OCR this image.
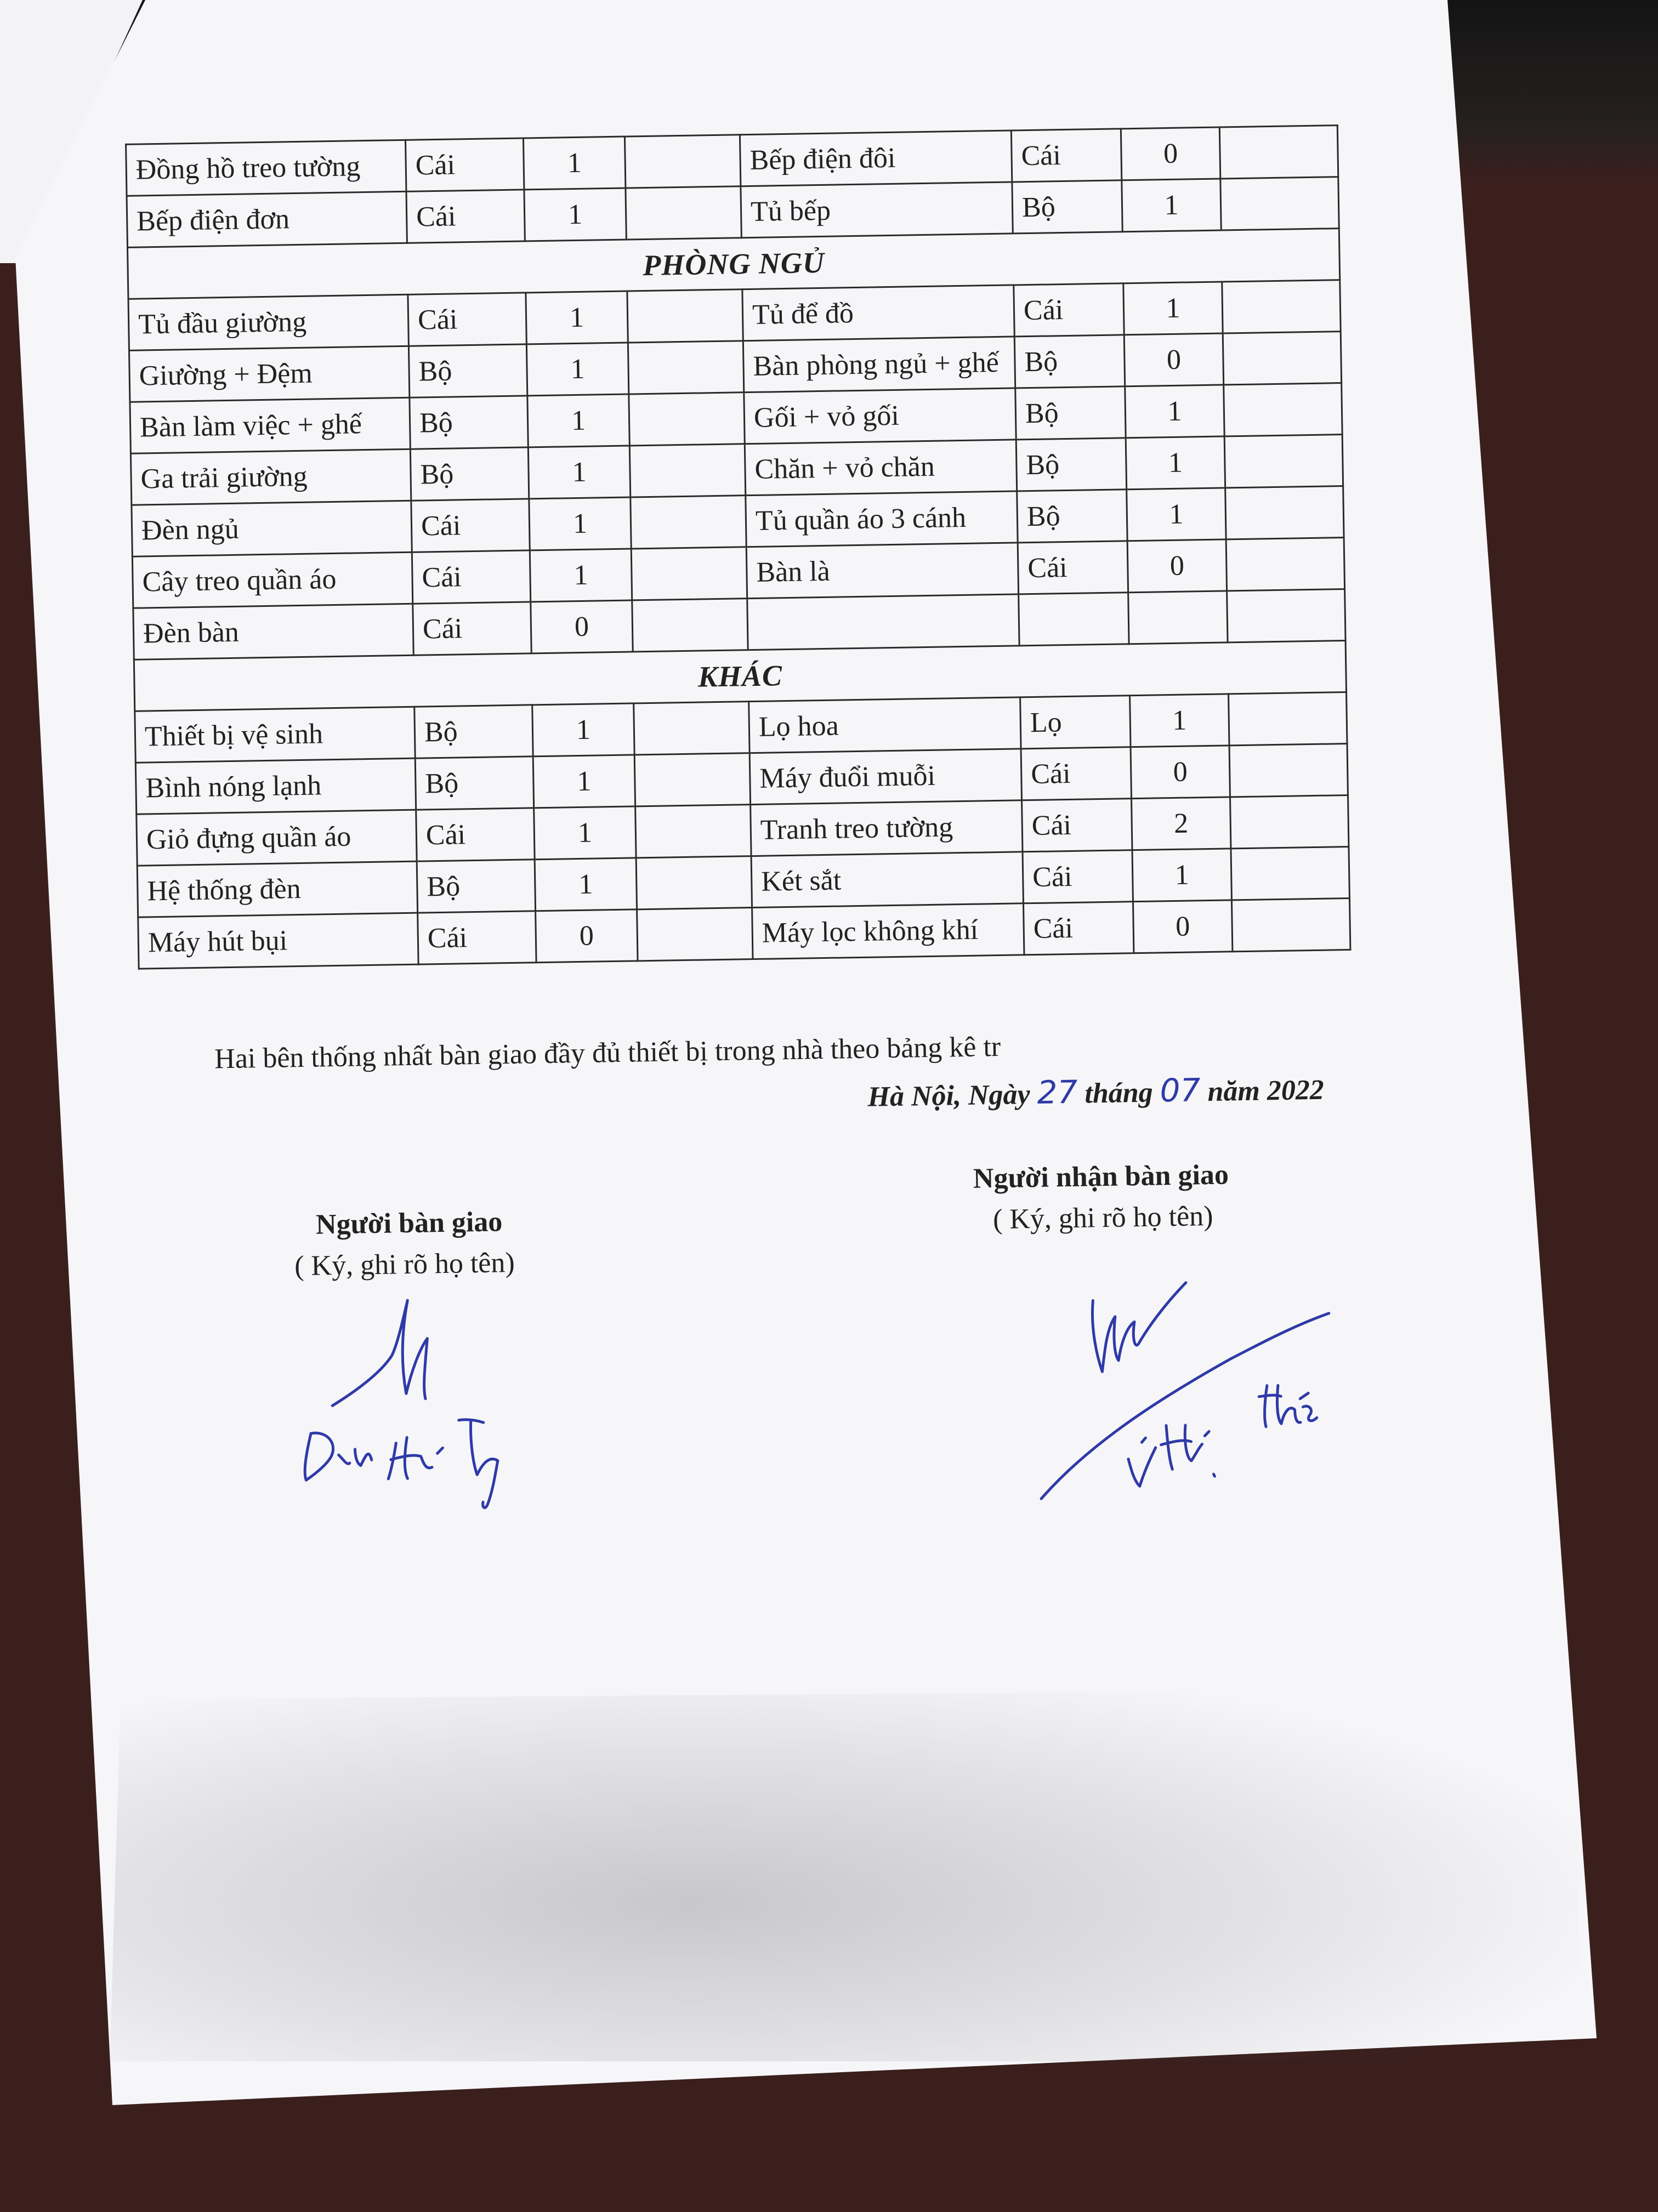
Đồng hồ treo tường	Cái	1		Bếp điện đôi	Cái	0	
Bếp điện đơn	Cái	1		Tủ bếp	Bộ	1	
PHÒNG NGỦ							
Tủ đầu giường	Cái	1		Tủ để đồ	Cái	1	
Giường + Đệm	Bộ	1		Bàn phòng ngủ + ghế	Bộ	0	
Bàn làm việc + ghế	Bộ	1		Gối + vỏ gối	Bộ	1	
Ga trải giường	Bộ	1		Chăn + vỏ chăn	Bộ	1	
Đèn ngủ	Cái	1		Tủ quần áo 3 cánh	Bộ	1	
Cây treo quần áo	Cái	1		Bàn là	Cái	0	
Đèn bàn	Cái	0					
KHÁC							
Thiết bị vệ sinh	Bộ	1		Lọ hoa	Lọ	1	
Bình nóng lạnh	Bộ	1		Máy đuổi muỗi	Cái	0	
Giỏ đựng quần áo	Cái	1		Tranh treo tường	Cái	2	
Hệ thống đèn	Bộ	1		Két sắt	Cái	1	
Máy hút bụi	Cái	0		Máy lọc không khí	Cái	0	
Hai bên thống nhất bàn giao đầy đủ thiết bị trong nhà theo bảng kê tr
Hà Nội, Ngày 27 tháng 07 năm 2022
Người bàn giao
( Ký, ghi rõ họ tên)
Người nhận bàn giao
( Ký, ghi rõ họ tên)
